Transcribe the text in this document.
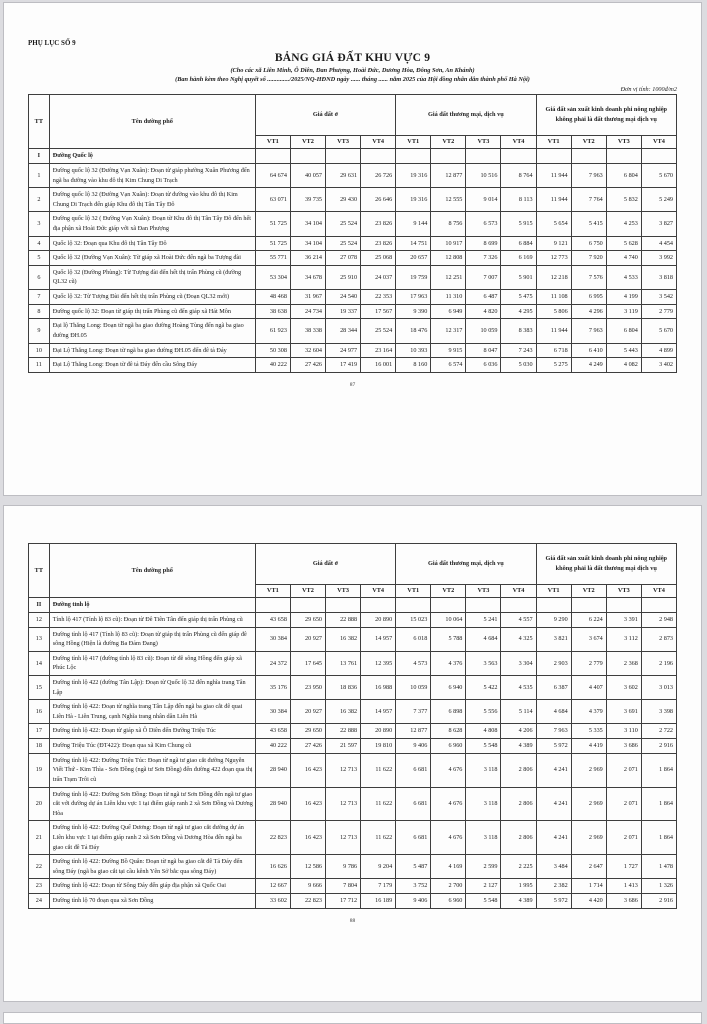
PHỤ LỤC SỐ 9
BẢNG GIÁ ĐẤT KHU VỰC 9
(Cho các xã Liên Minh, Ô Diên, Đan Phượng, Hoài Đức, Dương Hòa, Đông Sơn, An Khánh)
(Ban hành kèm theo Nghị quyết số ............../2025/NQ-HĐND ngày ...... tháng ...... năm 2025 của Hội đồng nhân dân thành phố Hà Nội)
Đơn vị tính: 1000đ/m2
TT	Tên đường phố	Giá đất ở				Giá đất thương mại, dịch vụ				Giá đất sản xuất kinh doanh phi nông nghiệp không phải là đất thương mại dịch vụ			
		VT1	VT2	VT3	VT4	VT1	VT2	VT3	VT4	VT1	VT2	VT3	VT4
I	Đường Quốc lộ												
1	Đường quốc lộ 32 (Đường Vạn Xuân): Đoạn từ giáp phường Xuân Phương đến ngã ba đường vào khu đô thị Kim Chung Di Trạch	64 674	40 057	29 631	26 726	19 316	12 877	10 516	8 764	11 944	7 963	6 804	5 670
2	Đường quốc lộ 32 (Đường Vạn Xuân): Đoạn từ đường vào khu đô thị Kim Chung Di Trạch đến giáp Khu đô thị Tân Tây Đô	63 071	39 735	29 430	26 646	19 316	12 555	9 014	8 113	11 944	7 764	5 832	5 249
3	Đường quốc lộ 32 ( Đường Vạn Xuân): Đoạn từ Khu đô thị Tân Tây Đô đến hết địa phận xã Hoài Đức giáp với xã Đan Phượng	51 725	34 104	25 524	23 826	9 144	8 756	6 573	5 915	5 654	5 415	4 253	3 827
4	Quốc lộ 32: Đoạn qua Khu đô thị Tân Tây Đô	51 725	34 104	25 524	23 826	14 751	10 917	8 699	6 884	9 121	6 750	5 628	4 454
5	Quốc lộ 32 (Đường Vạn Xuân): Từ giáp xã Hoài Đức đến ngã ba Tượng đài	55 771	36 214	27 078	25 068	20 657	12 808	7 326	6 169	12 773	7 920	4 740	3 992
6	Quốc lộ 32 (Đường Phùng): Từ Tượng đài đến hết thị trấn Phùng cũ (đường QL32 cũ)	53 304	34 678	25 910	24 037	19 759	12 251	7 007	5 901	12 218	7 576	4 533	3 818
7	Quốc lộ 32: Từ Tượng Đài đến hết thị trấn Phùng cũ (Đoạn QL32 mới)	48 468	31 967	24 540	22 353	17 963	11 310	6 487	5 475	11 108	6 995	4 199	3 542
8	Đường quốc lộ 32: Đoạn từ giáp thị trấn Phùng cũ đến giáp xã Hát Môn	38 638	24 734	19 337	17 567	9 390	6 949	4 820	4 295	5 806	4 296	3 119	2 779
9	Đại lộ Thăng Long: Đoạn từ ngã ba giao đường Hoàng Tùng đến ngã ba giao đường ĐH.05	61 923	38 338	28 344	25 524	18 476	12 317	10 059	8 383	11 944	7 963	6 804	5 670
10	Đại Lộ Thăng Long: Đoạn từ ngã ba giao đường ĐH.05 đến đê tả Đáy	50 308	32 604	24 977	23 164	10 393	9 915	8 047	7 243	6 718	6 410	5 443	4 899
11	Đại Lộ Thăng Long: Đoạn từ đê tả Đáy đến cầu Sông Đáy	40 222	27 426	17 419	16 001	8 160	6 574	6 036	5 030	5 275	4 249	4 082	3 402
87
TT	Tên đường phố	Giá đất ở				Giá đất thương mại, dịch vụ				Giá đất sản xuất kinh doanh phi nông nghiệp không phải là đất thương mại dịch vụ			
		VT1	VT2	VT3	VT4	VT1	VT2	VT3	VT4	VT1	VT2	VT3	VT4
II	Đường tỉnh lộ												
12	Tỉnh lộ 417 (Tỉnh lộ 83 cũ): Đoạn từ Đê Tiên Tân đến giáp thị trấn Phùng cũ	43 658	29 650	22 888	20 890	15 023	10 064	5 241	4 557	9 290	6 224	3 391	2 948
13	Đường tỉnh lộ 417 (Tỉnh lộ 83 cũ): Đoạn từ giáp thị trấn Phùng cũ đến giáp đê sông Hồng (Hiện là đường Ba Đảm Đang)	30 384	20 927	16 382	14 957	6 018	5 788	4 684	4 325	3 821	3 674	3 112	2 873
14	Đường tỉnh lộ 417 (đường tỉnh lộ 83 cũ): Đoạn từ đê sông Hồng đến giáp xã Phúc Lộc	24 372	17 645	13 761	12 395	4 573	4 376	3 563	3 304	2 903	2 779	2 368	2 196
15	Đường tỉnh lộ 422 (đường Tân Lập): Đoạn từ Quốc lộ 32 đến nghĩa trang Tân Lập	35 176	23 950	18 836	16 988	10 059	6 940	5 422	4 535	6 387	4 407	3 602	3 013
16	Đường tỉnh lộ 422: Đoạn từ nghĩa trang Tân Lập đến ngã ba giao cắt đê quai Liên Hà - Liên Trung, cạnh Nghĩa trang nhân dân Liên Hà	30 384	20 927	16 382	14 957	7 377	6 898	5 556	5 114	4 684	4 379	3 691	3 398
17	Đường tỉnh lộ 422: Đoạn từ giáp xã Ô Diên đến Đường Triệu Túc	43 658	29 650	22 888	20 890	12 877	8 628	4 808	4 206	7 963	5 335	3 110	2 722
18	Đường Triệu Túc (ĐT422): Đoạn qua xã Kim Chung cũ	40 222	27 426	21 597	19 810	9 406	6 960	5 548	4 389	5 972	4 419	3 686	2 916
19	Đường tỉnh lộ 422: Đường Triệu Túc: Đoạn từ ngã tư giao cắt đường Nguyễn Viết Thứ - Kim Thìa - Sơn Đồng (ngã tư Sơn Đồng) đến đường 422 đoạn qua thị trấn Trạm Trôi cũ	28 940	16 423	12 713	11 622	6 681	4 676	3 118	2 806	4 241	2 969	2 071	1 864
20	Đường tỉnh lộ 422: Đường Sơn Đồng: Đoạn từ ngã tư Sơn Đồng đến ngã tư giao cắt với đường dự án Liên khu vực 1 tại điểm giáp ranh 2 xã Sơn Đồng và Dương Hòa	28 940	16 423	12 713	11 622	6 681	4 676	3 118	2 806	4 241	2 969	2 071	1 864
21	Đường tỉnh lộ 422: Đường Quế Dương: Đoạn từ ngã tư giao cắt đường dự án Liên khu vực 1 tại điểm giáp ranh 2 xã Sơn Đồng và Dương Hòa đến ngã ba giao cắt đê Tả Đáy	22 823	16 423	12 713	11 622	6 681	4 676	3 118	2 806	4 241	2 969	2 071	1 864
22	Đường tỉnh lộ 422: Đường Bồ Quân: Đoạn từ ngã ba giao cắt đê Tả Đáy đến sông Đáy (ngã ba giao cắt tại cầu kênh Yên Sở bắc qua sông Đáy)	16 626	12 586	9 786	9 204	5 487	4 169	2 599	2 225	3 484	2 647	1 727	1 478
23	Đường tỉnh lộ 422: Đoạn từ Sông Đáy đến giáp địa phận xã Quốc Oai	12 667	9 666	7 804	7 179	3 752	2 700	2 127	1 995	2 382	1 714	1 413	1 326
24	Đường tỉnh lộ 70 đoạn qua xã Sơn Đồng	33 602	22 823	17 712	16 189	9 406	6 960	5 548	4 389	5 972	4 420	3 686	2 916
88
